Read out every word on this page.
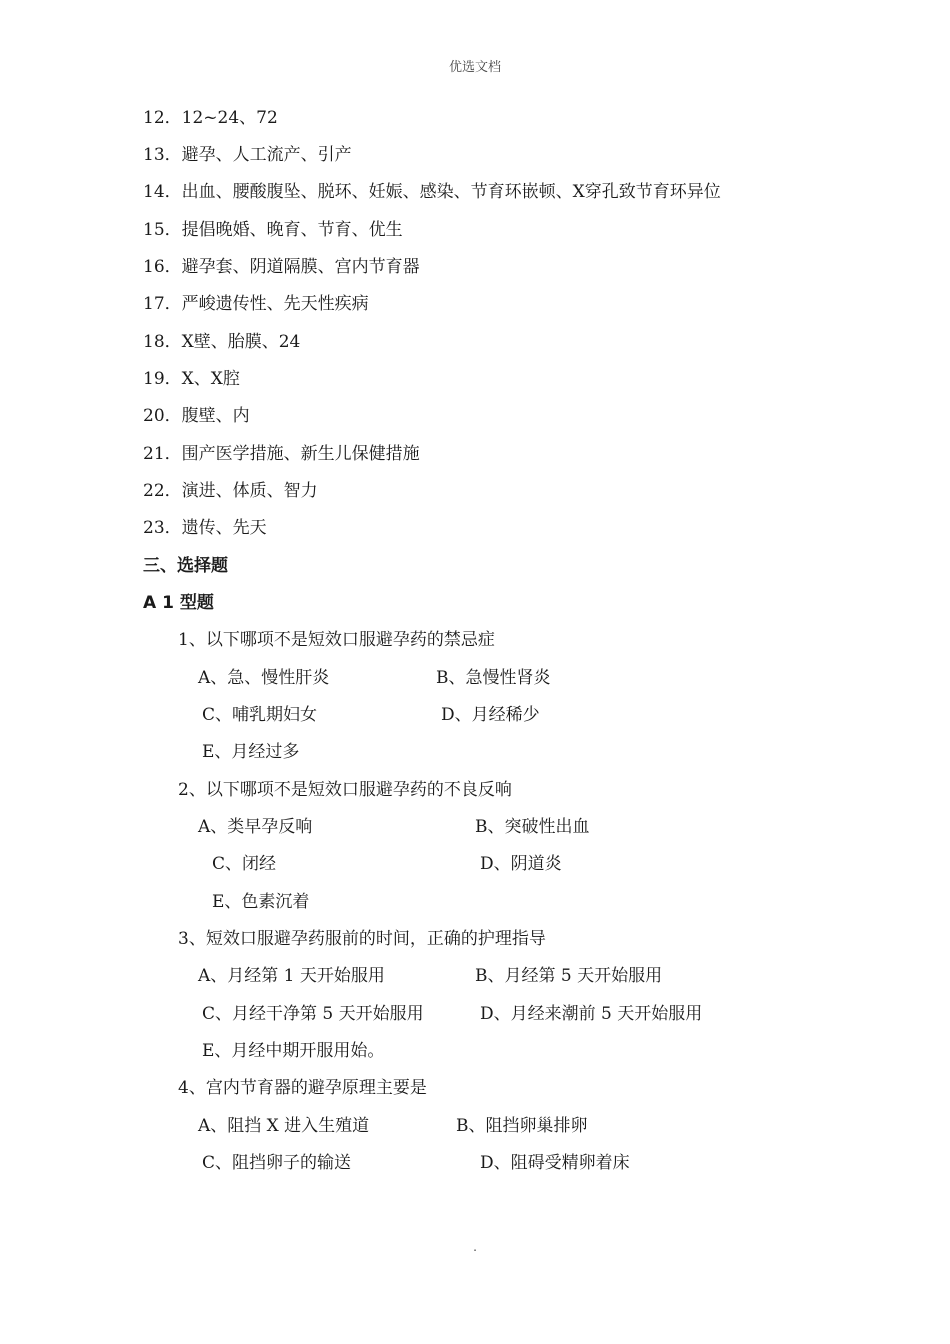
优选文档
12．12~24、72
13．避孕、人工流产、引产
14．出血、腰酸腹坠、脱环、妊娠、感染、节育环嵌顿、X穿孔致节育环异位
15．提倡晚婚、晚育、节育、优生
16．避孕套、阴道隔膜、宫内节育器
17．严峻遗传性、先天性疾病
18．X壁、胎膜、24
19．X、X腔
20．腹壁、内
21．围产医学措施、新生儿保健措施
22．演进、体质、智力
23．遗传、先天
三、选择题
A 1 型题
1、以下哪项不是短效口服避孕药的禁忌症
A、急、慢性肝炎	B、急慢性肾炎
C、哺乳期妇女	D、月经稀少
E、月经过多
2、以下哪项不是短效口服避孕药的不良反响
A、类早孕反响	B、突破性出血
C、闭经	D、阴道炎
E、色素沉着
3、短效口服避孕药服前的时间，正确的护理指导
A、月经第 1 天开始服用	B、月经第 5 天开始服用
C、月经干净第 5 天开始服用	D、月经来潮前 5 天开始服用
E、月经中期开服用始。
4、宫内节育器的避孕原理主要是
A、阻挡 X 进入生殖道	B、阻挡卵巢排卵
C、阻挡卵子的输送	D、阻碍受精卵着床
.
